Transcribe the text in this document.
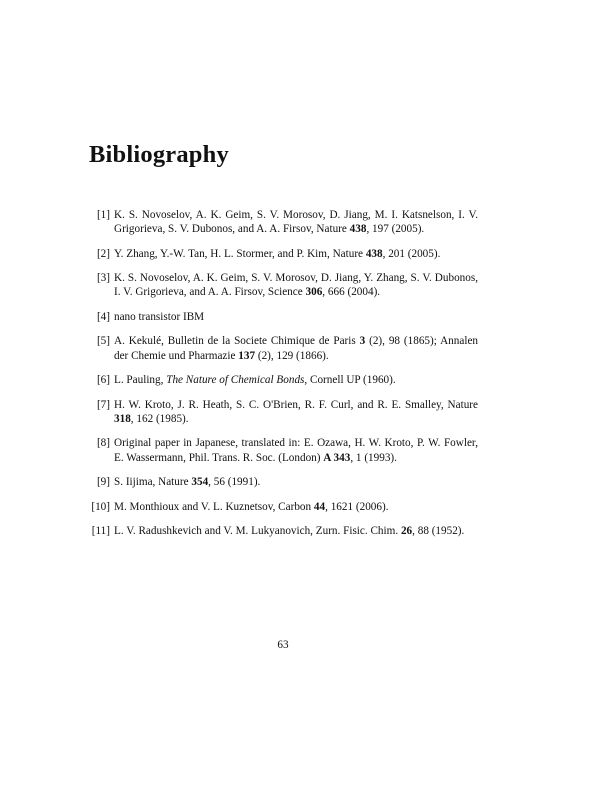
Bibliography
[1] K. S. Novoselov, A. K. Geim, S. V. Morosov, D. Jiang, M. I. Katsnelson, I. V. Grigorieva, S. V. Dubonos, and A. A. Firsov, Nature 438, 197 (2005).
[2] Y. Zhang, Y.-W. Tan, H. L. Stormer, and P. Kim, Nature 438, 201 (2005).
[3] K. S. Novoselov, A. K. Geim, S. V. Morosov, D. Jiang, Y. Zhang, S. V. Dubonos, I. V. Grigorieva, and A. A. Firsov, Science 306, 666 (2004).
[4] nano transistor IBM
[5] A. Kekulé, Bulletin de la Societe Chimique de Paris 3 (2), 98 (1865); Annalen der Chemie und Pharmazie 137 (2), 129 (1866).
[6] L. Pauling, The Nature of Chemical Bonds, Cornell UP (1960).
[7] H. W. Kroto, J. R. Heath, S. C. O'Brien, R. F. Curl, and R. E. Smalley, Nature 318, 162 (1985).
[8] Original paper in Japanese, translated in: E. Ozawa, H. W. Kroto, P. W. Fowler, E. Wassermann, Phil. Trans. R. Soc. (London) A 343, 1 (1993).
[9] S. Iijima, Nature 354, 56 (1991).
[10] M. Monthioux and V. L. Kuznetsov, Carbon 44, 1621 (2006).
[11] L. V. Radushkevich and V. M. Lukyanovich, Zurn. Fisic. Chim. 26, 88 (1952).
63
